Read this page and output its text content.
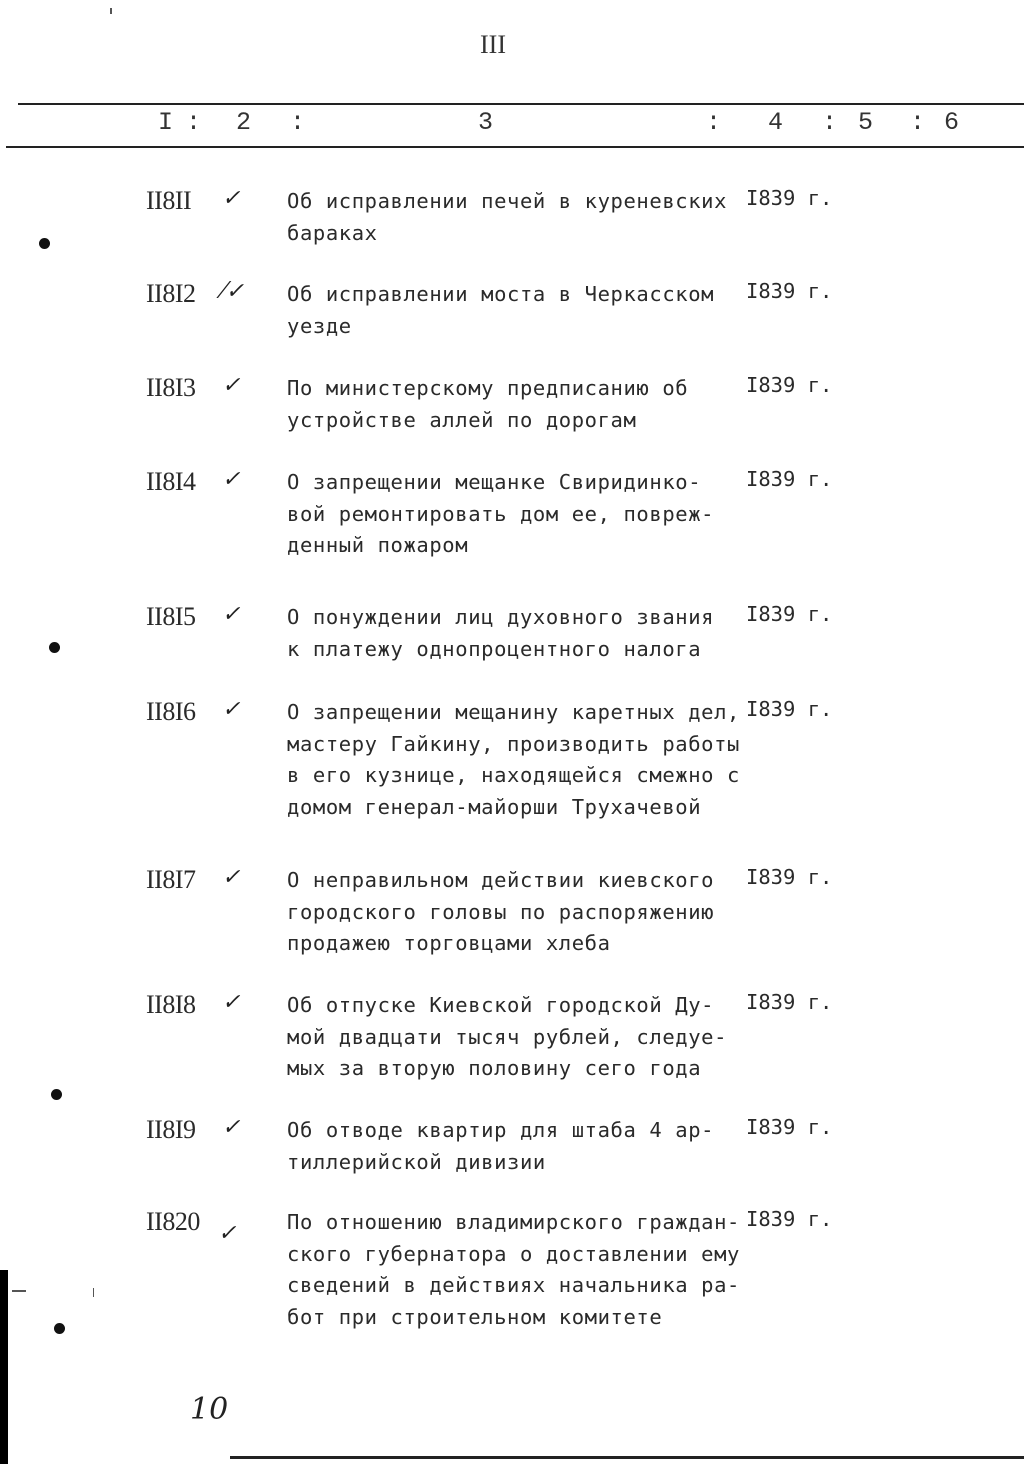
III
I : 2 :	3	: 4 : 5 : 6
II8II ✓ Об исправлении печей в куреневских
бараках
I839 г.
II8I2 ⁄✓ Об исправлении моста в Черкасском
уезде
I839 г.
II8I3 ✓ По министерскому предписанию об
устройстве аллей по дорогам
I839 г.
II8I4 ✓ О запрещении мещанке Свиридинко-
вой ремонтировать дом ее, повреж-
денный пожаром
I839 г.
II8I5 ✓ О понуждении лиц духовного звания
к платежу однопроцентного налога
I839 г.
II8I6 ✓ О запрещении мещанину каретных дел,
мастеру Гайкину, производить работы
в его кузнице, находящейся смежно с
домом генерал-майорши Трухачевой
I839 г.
II8I7 ✓ О неправильном действии киевского
городского головы по распоряжению
продажею торговцами хлеба
I839 г.
II8I8 ✓ Об отпуске Киевской городской Ду-
мой двадцати тысяч рублей, следуе-
мых за вторую половину сего года
I839 г.
II8I9 ✓ Об отводе квартир для штаба 4 ар-
тиллерийской дивизии
I839 г.
II820 ✓ По отношению владимирского граждан-
ского губернатора о доставлении ему
сведений в действиях начальника ра-
бот при строительном комитете
I839 г.
10
